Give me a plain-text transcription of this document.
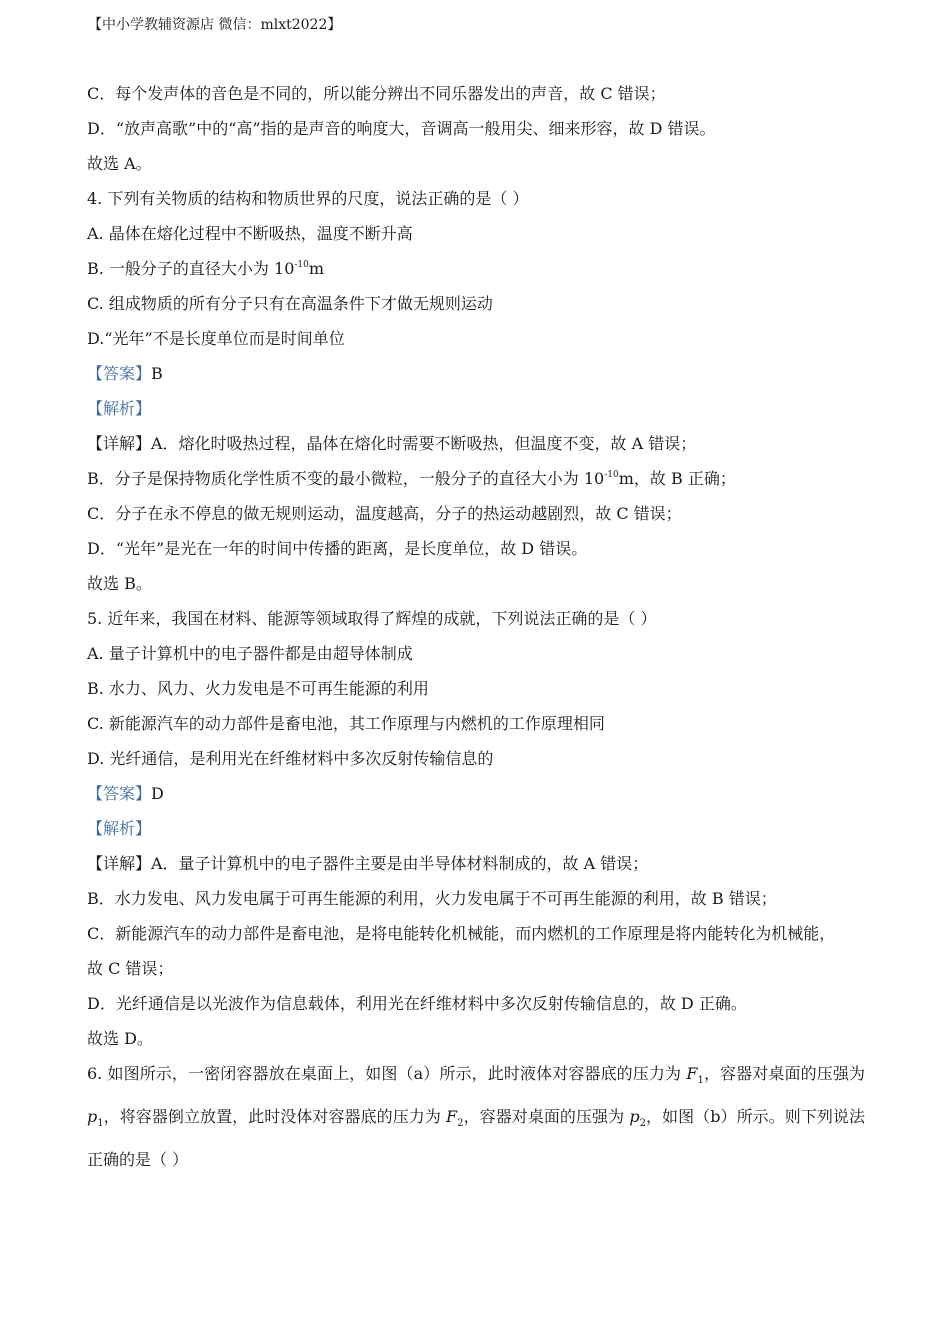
【中小学教辅资源店 微信：mlxt2022】
C．每个发声体的音色是不同的，所以能分辨出不同乐器发出的声音，故 C 错误；
D．“放声高歌”中的“高”指的是声音的响度大，音调高一般用尖、细来形容，故 D 错误。
故选 A。
4. 下列有关物质的结构和物质世界的尺度，说法正确的是（ ）
A. 晶体在熔化过程中不断吸热，温度不断升高
B. 一般分子的直径大小为 $10^{-10}m$
C. 组成物质的所有分子只有在高温条件下才做无规则运动
D.“光年”不是长度单位而是时间单位
【答案】B
【解析】
【详解】A．熔化时吸热过程，晶体在熔化时需要不断吸热，但温度不变，故 A 错误；
B．分子是保持物质化学性质不变的最小微粒，一般分子的直径大小为 $10^{-10}m$，故 B 正确；
C．分子在永不停息的做无规则运动，温度越高，分子的热运动越剧烈，故 C 错误；
D．“光年”是光在一年的时间中传播的距离，是长度单位，故 D 错误。
故选 B。
5. 近年来，我国在材料、能源等领域取得了辉煌的成就，下列说法正确的是（ ）
A. 量子计算机中的电子器件都是由超导体制成
B. 水力、风力、火力发电是不可再生能源的利用
C. 新能源汽车的动力部件是畜电池，其工作原理与内燃机的工作原理相同
D. 光纤通信，是利用光在纤维材料中多次反射传输信息的
【答案】D
【解析】
【详解】A．量子计算机中的电子器件主要是由半导体材料制成的，故 A 错误；
B．水力发电、风力发电属于可再生能源的利用，火力发电属于不可再生能源的利用，故 B 错误；
C．新能源汽车的动力部件是畜电池，是将电能转化机械能，而内燃机的工作原理是将内能转化为机械能，
故 C 错误；
D．光纤通信是以光波作为信息载体，利用光在纤维材料中多次反射传输信息的，故 D 正确。
故选 D。
6. 如图所示，一密闭容器放在桌面上，如图（a）所示，此时液体对容器底的压力为 $F_1$，容器对桌面的压强为 $p_1$，将容器倒立放置，此时没体对容器底的压力为 $F_2$，容器对桌面的压强为 $p_2$，如图（b）所示。则下列说法正确的是（ ）
